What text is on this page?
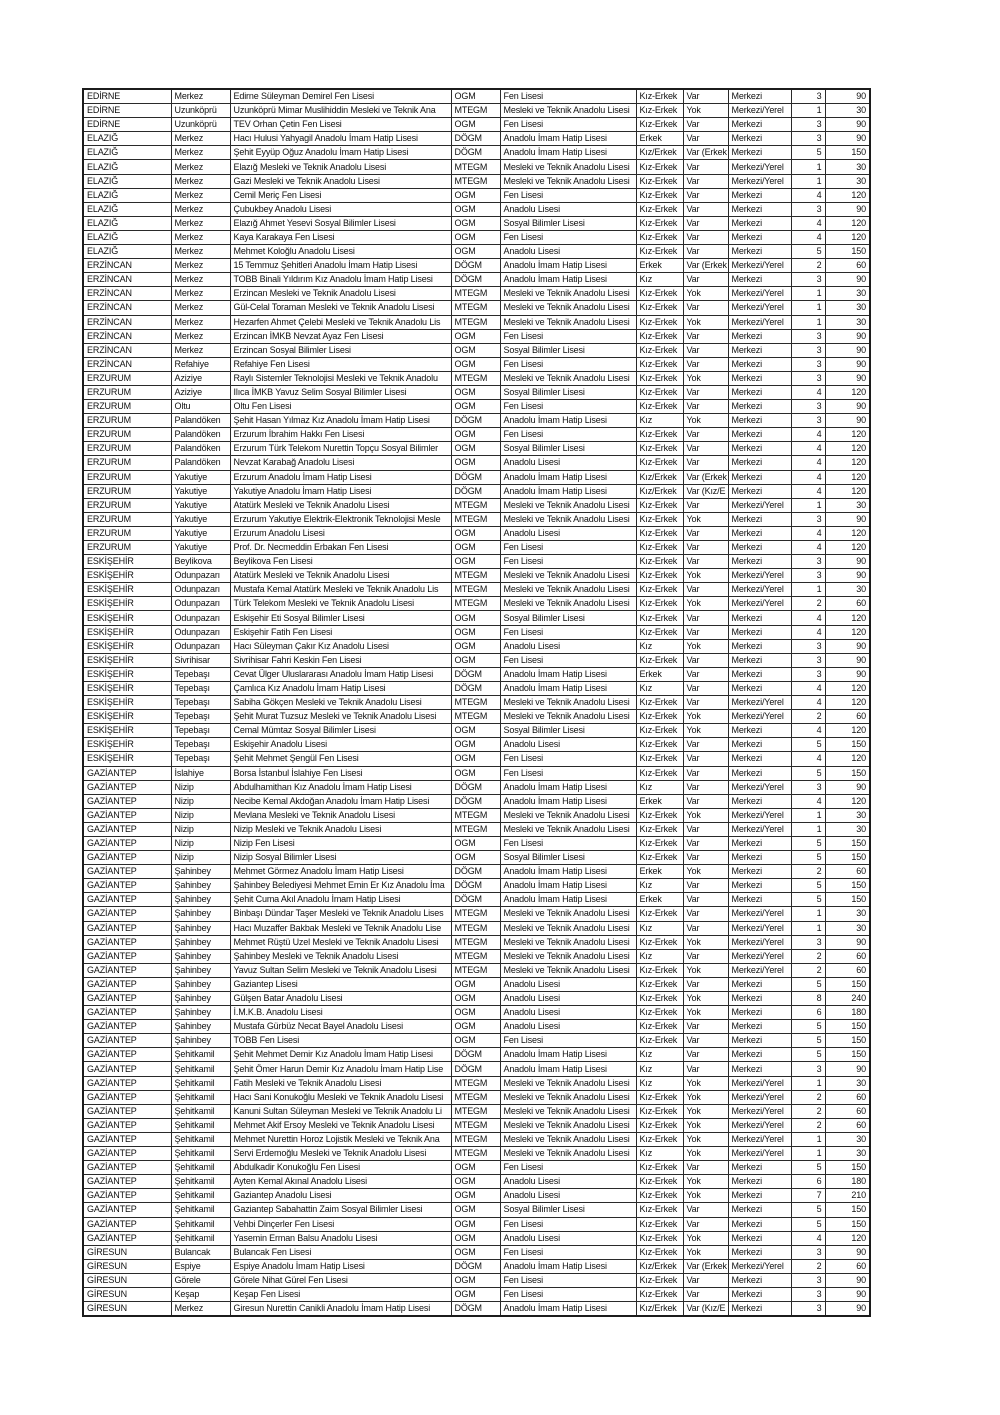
EDİRNE	Merkez	Edirne Süleyman Demirel Fen Lisesi	OGM	Fen Lisesi	Kız-Erkek	Var	Merkezi	3	90
EDİRNE	Uzunköprü	Uzunköprü Mimar Muslihiddin Mesleki ve Teknik Ana	MTEGM	Mesleki ve Teknik Anadolu Lisesi	Kız-Erkek	Yok	Merkezi/Yerel	1	30
EDİRNE	Uzunköprü	TEV Orhan Çetin Fen Lisesi	OGM	Fen Lisesi	Kız-Erkek	Var	Merkezi	3	90
ELAZIĞ	Merkez	Hacı Hulusi Yahyagil Anadolu İmam Hatip Lisesi	DÖGM	Anadolu İmam Hatip Lisesi	Erkek	Var	Merkezi	3	90
ELAZIĞ	Merkez	Şehit Eyyüp Oğuz Anadolu İmam Hatip Lisesi	DÖGM	Anadolu İmam Hatip Lisesi	Kız/Erkek	Var (Erkek	Merkezi	5	150
ELAZIĞ	Merkez	Elazığ Mesleki ve Teknik Anadolu Lisesi	MTEGM	Mesleki ve Teknik Anadolu Lisesi	Kız-Erkek	Var	Merkezi/Yerel	1	30
ELAZIĞ	Merkez	Gazi Mesleki ve Teknik Anadolu Lisesi	MTEGM	Mesleki ve Teknik Anadolu Lisesi	Kız-Erkek	Var	Merkezi/Yerel	1	30
ELAZIĞ	Merkez	Cemil Meriç Fen Lisesi	OGM	Fen Lisesi	Kız-Erkek	Var	Merkezi	4	120
ELAZIĞ	Merkez	Çubukbey Anadolu Lisesi	OGM	Anadolu Lisesi	Kız-Erkek	Var	Merkezi	3	90
ELAZIĞ	Merkez	Elazığ Ahmet Yesevi Sosyal Bilimler Lisesi	OGM	Sosyal Bilimler Lisesi	Kız-Erkek	Var	Merkezi	4	120
ELAZIĞ	Merkez	Kaya Karakaya Fen Lisesi	OGM	Fen Lisesi	Kız-Erkek	Var	Merkezi	4	120
ELAZIĞ	Merkez	Mehmet Koloğlu Anadolu Lisesi	OGM	Anadolu Lisesi	Kız-Erkek	Var	Merkezi	5	150
ERZİNCAN	Merkez	15 Temmuz Şehitleri Anadolu İmam Hatip Lisesi	DÖGM	Anadolu İmam Hatip Lisesi	Erkek	Var (Erkek	Merkezi/Yerel	2	60
ERZİNCAN	Merkez	TOBB Binali Yıldırım Kız Anadolu İmam Hatip Lisesi	DÖGM	Anadolu İmam Hatip Lisesi	Kız	Var	Merkezi	3	90
ERZİNCAN	Merkez	Erzincan Mesleki ve Teknik Anadolu Lisesi	MTEGM	Mesleki ve Teknik Anadolu Lisesi	Kız-Erkek	Yok	Merkezi/Yerel	1	30
ERZİNCAN	Merkez	Gül-Celal Toraman Mesleki ve Teknik Anadolu Lisesi	MTEGM	Mesleki ve Teknik Anadolu Lisesi	Kız-Erkek	Var	Merkezi/Yerel	1	30
ERZİNCAN	Merkez	Hezarfen Ahmet Çelebi Mesleki ve Teknik Anadolu Lis	MTEGM	Mesleki ve Teknik Anadolu Lisesi	Kız-Erkek	Yok	Merkezi/Yerel	1	30
ERZİNCAN	Merkez	Erzincan İMKB Nevzat Ayaz Fen Lisesi	OGM	Fen Lisesi	Kız-Erkek	Var	Merkezi	3	90
ERZİNCAN	Merkez	Erzincan Sosyal Bilimler Lisesi	OGM	Sosyal Bilimler Lisesi	Kız-Erkek	Var	Merkezi	3	90
ERZİNCAN	Refahiye	Refahiye Fen Lisesi	OGM	Fen Lisesi	Kız-Erkek	Var	Merkezi	3	90
ERZURUM	Aziziye	Raylı Sistemler Teknolojisi Mesleki ve Teknik Anadolu	MTEGM	Mesleki ve Teknik Anadolu Lisesi	Kız-Erkek	Yok	Merkezi	3	90
ERZURUM	Aziziye	Ilıca İMKB Yavuz Selim Sosyal Bilimler Lisesi	OGM	Sosyal Bilimler Lisesi	Kız-Erkek	Var	Merkezi	4	120
ERZURUM	Oltu	Oltu Fen Lisesi	OGM	Fen Lisesi	Kız-Erkek	Var	Merkezi	3	90
ERZURUM	Palandöken	Şehit Hasan Yılmaz Kız Anadolu İmam Hatip Lisesi	DÖGM	Anadolu İmam Hatip Lisesi	Kız	Yok	Merkezi	3	90
ERZURUM	Palandöken	Erzurum İbrahim Hakkı Fen Lisesi	OGM	Fen Lisesi	Kız-Erkek	Var	Merkezi	4	120
ERZURUM	Palandöken	Erzurum Türk Telekom Nurettin Topçu Sosyal Bilimler	OGM	Sosyal Bilimler Lisesi	Kız-Erkek	Var	Merkezi	4	120
ERZURUM	Palandöken	Nevzat Karabağ Anadolu Lisesi	OGM	Anadolu Lisesi	Kız-Erkek	Var	Merkezi	4	120
ERZURUM	Yakutiye	Erzurum Anadolu İmam Hatip Lisesi	DÖGM	Anadolu İmam Hatip Lisesi	Kız/Erkek	Var (Erkek	Merkezi	4	120
ERZURUM	Yakutiye	Yakutiye Anadolu İmam Hatip Lisesi	DÖGM	Anadolu İmam Hatip Lisesi	Kız/Erkek	Var (Kız/E	Merkezi	4	120
ERZURUM	Yakutiye	Atatürk Mesleki ve Teknik Anadolu Lisesi	MTEGM	Mesleki ve Teknik Anadolu Lisesi	Kız-Erkek	Var	Merkezi/Yerel	1	30
ERZURUM	Yakutiye	Erzurum Yakutiye Elektrik-Elektronik Teknolojisi Mesle	MTEGM	Mesleki ve Teknik Anadolu Lisesi	Kız-Erkek	Yok	Merkezi	3	90
ERZURUM	Yakutiye	Erzurum Anadolu Lisesi	OGM	Anadolu Lisesi	Kız-Erkek	Var	Merkezi	4	120
ERZURUM	Yakutiye	Prof. Dr. Necmeddin Erbakan Fen Lisesi	OGM	Fen Lisesi	Kız-Erkek	Var	Merkezi	4	120
ESKİŞEHİR	Beylikova	Beylikova Fen Lisesi	OGM	Fen Lisesi	Kız-Erkek	Var	Merkezi	3	90
ESKİŞEHİR	Odunpazarı	Atatürk Mesleki ve Teknik Anadolu Lisesi	MTEGM	Mesleki ve Teknik Anadolu Lisesi	Kız-Erkek	Yok	Merkezi/Yerel	3	90
ESKİŞEHİR	Odunpazarı	Mustafa Kemal Atatürk Mesleki ve Teknik Anadolu Lis	MTEGM	Mesleki ve Teknik Anadolu Lisesi	Kız-Erkek	Var	Merkezi/Yerel	1	30
ESKİŞEHİR	Odunpazarı	Türk Telekom Mesleki ve Teknik Anadolu Lisesi	MTEGM	Mesleki ve Teknik Anadolu Lisesi	Kız-Erkek	Yok	Merkezi/Yerel	2	60
ESKİŞEHİR	Odunpazarı	Eskişehir Eti Sosyal Bilimler Lisesi	OGM	Sosyal Bilimler Lisesi	Kız-Erkek	Var	Merkezi	4	120
ESKİŞEHİR	Odunpazarı	Eskişehir Fatih Fen Lisesi	OGM	Fen Lisesi	Kız-Erkek	Var	Merkezi	4	120
ESKİŞEHİR	Odunpazarı	Hacı Süleyman Çakır Kız Anadolu Lisesi	OGM	Anadolu Lisesi	Kız	Yok	Merkezi	3	90
ESKİŞEHİR	Sivrihisar	Sivrihisar Fahri Keskin Fen Lisesi	OGM	Fen Lisesi	Kız-Erkek	Var	Merkezi	3	90
ESKİŞEHİR	Tepebaşı	Cevat Ülger Uluslararası Anadolu İmam Hatip Lisesi	DÖGM	Anadolu İmam Hatip Lisesi	Erkek	Var	Merkezi	3	90
ESKİŞEHİR	Tepebaşı	Çamlıca Kız Anadolu İmam Hatip Lisesi	DÖGM	Anadolu İmam Hatip Lisesi	Kız	Var	Merkezi	4	120
ESKİŞEHİR	Tepebaşı	Sabiha Gökçen Mesleki ve Teknik Anadolu Lisesi	MTEGM	Mesleki ve Teknik Anadolu Lisesi	Kız-Erkek	Var	Merkezi/Yerel	4	120
ESKİŞEHİR	Tepebaşı	Şehit Murat Tuzsuz Mesleki ve Teknik Anadolu Lisesi	MTEGM	Mesleki ve Teknik Anadolu Lisesi	Kız-Erkek	Yok	Merkezi/Yerel	2	60
ESKİŞEHİR	Tepebaşı	Cemal Mümtaz Sosyal Bilimler Lisesi	OGM	Sosyal Bilimler Lisesi	Kız-Erkek	Yok	Merkezi	4	120
ESKİŞEHİR	Tepebaşı	Eskişehir Anadolu Lisesi	OGM	Anadolu Lisesi	Kız-Erkek	Var	Merkezi	5	150
ESKİŞEHİR	Tepebaşı	Şehit Mehmet Şengül Fen Lisesi	OGM	Fen Lisesi	Kız-Erkek	Var	Merkezi	4	120
GAZİANTEP	İslahiye	Borsa İstanbul İslahiye Fen Lisesi	OGM	Fen Lisesi	Kız-Erkek	Var	Merkezi	5	150
GAZİANTEP	Nizip	Abdulhamithan Kız Anadolu İmam Hatip Lisesi	DÖGM	Anadolu İmam Hatip Lisesi	Kız	Var	Merkezi/Yerel	3	90
GAZİANTEP	Nizip	Necibe Kemal Akdoğan Anadolu İmam Hatip Lisesi	DÖGM	Anadolu İmam Hatip Lisesi	Erkek	Var	Merkezi	4	120
GAZİANTEP	Nizip	Mevlana Mesleki ve Teknik Anadolu Lisesi	MTEGM	Mesleki ve Teknik Anadolu Lisesi	Kız-Erkek	Yok	Merkezi/Yerel	1	30
GAZİANTEP	Nizip	Nizip Mesleki ve Teknik Anadolu Lisesi	MTEGM	Mesleki ve Teknik Anadolu Lisesi	Kız-Erkek	Var	Merkezi/Yerel	1	30
GAZİANTEP	Nizip	Nizip Fen Lisesi	OGM	Fen Lisesi	Kız-Erkek	Var	Merkezi	5	150
GAZİANTEP	Nizip	Nizip Sosyal Bilimler Lisesi	OGM	Sosyal Bilimler Lisesi	Kız-Erkek	Var	Merkezi	5	150
GAZİANTEP	Şahinbey	Mehmet Görmez Anadolu İmam Hatip Lisesi	DÖGM	Anadolu İmam Hatip Lisesi	Erkek	Yok	Merkezi	2	60
GAZİANTEP	Şahinbey	Şahinbey Belediyesi Mehmet Emin Er Kız Anadolu İma	DÖGM	Anadolu İmam Hatip Lisesi	Kız	Var	Merkezi	5	150
GAZİANTEP	Şahinbey	Şehit Cuma Akıl Anadolu İmam Hatip Lisesi	DÖGM	Anadolu İmam Hatip Lisesi	Erkek	Var	Merkezi	5	150
GAZİANTEP	Şahinbey	Binbaşı Dündar Taşer Mesleki ve Teknik Anadolu Lises	MTEGM	Mesleki ve Teknik Anadolu Lisesi	Kız-Erkek	Var	Merkezi/Yerel	1	30
GAZİANTEP	Şahinbey	Hacı Muzaffer Bakbak Mesleki ve Teknik Anadolu Lise	MTEGM	Mesleki ve Teknik Anadolu Lisesi	Kız	Var	Merkezi/Yerel	1	30
GAZİANTEP	Şahinbey	Mehmet Rüştü Uzel Mesleki ve Teknik Anadolu Lisesi	MTEGM	Mesleki ve Teknik Anadolu Lisesi	Kız-Erkek	Yok	Merkezi/Yerel	3	90
GAZİANTEP	Şahinbey	Şahinbey Mesleki ve Teknik Anadolu Lisesi	MTEGM	Mesleki ve Teknik Anadolu Lisesi	Kız	Var	Merkezi/Yerel	2	60
GAZİANTEP	Şahinbey	Yavuz Sultan Selim Mesleki ve Teknik Anadolu Lisesi	MTEGM	Mesleki ve Teknik Anadolu Lisesi	Kız-Erkek	Yok	Merkezi/Yerel	2	60
GAZİANTEP	Şahinbey	Gaziantep Lisesi	OGM	Anadolu Lisesi	Kız-Erkek	Var	Merkezi	5	150
GAZİANTEP	Şahinbey	Gülşen Batar Anadolu Lisesi	OGM	Anadolu Lisesi	Kız-Erkek	Yok	Merkezi	8	240
GAZİANTEP	Şahinbey	İ.M.K.B. Anadolu Lisesi	OGM	Anadolu Lisesi	Kız-Erkek	Yok	Merkezi	6	180
GAZİANTEP	Şahinbey	Mustafa Gürbüz Necat Bayel Anadolu Lisesi	OGM	Anadolu Lisesi	Kız-Erkek	Var	Merkezi	5	150
GAZİANTEP	Şahinbey	TOBB Fen Lisesi	OGM	Fen Lisesi	Kız-Erkek	Var	Merkezi	5	150
GAZİANTEP	Şehitkamil	Şehit Mehmet Demir Kız Anadolu İmam Hatip Lisesi	DÖGM	Anadolu İmam Hatip Lisesi	Kız	Var	Merkezi	5	150
GAZİANTEP	Şehitkamil	Şehit Ömer Harun Demir Kız Anadolu İmam Hatip Lise	DÖGM	Anadolu İmam Hatip Lisesi	Kız	Var	Merkezi	3	90
GAZİANTEP	Şehitkamil	Fatih Mesleki ve Teknik Anadolu Lisesi	MTEGM	Mesleki ve Teknik Anadolu Lisesi	Kız	Yok	Merkezi/Yerel	1	30
GAZİANTEP	Şehitkamil	Hacı Sani Konukoğlu Mesleki ve Teknik Anadolu Lisesi	MTEGM	Mesleki ve Teknik Anadolu Lisesi	Kız-Erkek	Yok	Merkezi/Yerel	2	60
GAZİANTEP	Şehitkamil	Kanuni Sultan Süleyman Mesleki ve Teknik Anadolu Li	MTEGM	Mesleki ve Teknik Anadolu Lisesi	Kız-Erkek	Yok	Merkezi/Yerel	2	60
GAZİANTEP	Şehitkamil	Mehmet Akif Ersoy Mesleki ve Teknik Anadolu Lisesi	MTEGM	Mesleki ve Teknik Anadolu Lisesi	Kız-Erkek	Yok	Merkezi/Yerel	2	60
GAZİANTEP	Şehitkamil	Mehmet Nurettin Horoz Lojistik Mesleki ve Teknik Ana	MTEGM	Mesleki ve Teknik Anadolu Lisesi	Kız-Erkek	Yok	Merkezi/Yerel	1	30
GAZİANTEP	Şehitkamil	Servi Erdemoğlu Mesleki ve Teknik Anadolu Lisesi	MTEGM	Mesleki ve Teknik Anadolu Lisesi	Kız	Yok	Merkezi/Yerel	1	30
GAZİANTEP	Şehitkamil	Abdulkadir Konukoğlu Fen Lisesi	OGM	Fen Lisesi	Kız-Erkek	Var	Merkezi	5	150
GAZİANTEP	Şehitkamil	Ayten Kemal Akınal Anadolu Lisesi	OGM	Anadolu Lisesi	Kız-Erkek	Yok	Merkezi	6	180
GAZİANTEP	Şehitkamil	Gaziantep Anadolu Lisesi	OGM	Anadolu Lisesi	Kız-Erkek	Yok	Merkezi	7	210
GAZİANTEP	Şehitkamil	Gaziantep Sabahattin Zaim Sosyal Bilimler Lisesi	OGM	Sosyal Bilimler Lisesi	Kız-Erkek	Var	Merkezi	5	150
GAZİANTEP	Şehitkamil	Vehbi Dinçerler Fen Lisesi	OGM	Fen Lisesi	Kız-Erkek	Var	Merkezi	5	150
GAZİANTEP	Şehitkamil	Yasemin Erman Balsu Anadolu Lisesi	OGM	Anadolu Lisesi	Kız-Erkek	Yok	Merkezi	4	120
GİRESUN	Bulancak	Bulancak Fen Lisesi	OGM	Fen Lisesi	Kız-Erkek	Yok	Merkezi	3	90
GİRESUN	Espiye	Espiye Anadolu İmam Hatip Lisesi	DÖGM	Anadolu İmam Hatip Lisesi	Kız/Erkek	Var (Erkek	Merkezi/Yerel	2	60
GİRESUN	Görele	Görele Nihat Gürel Fen Lisesi	OGM	Fen Lisesi	Kız-Erkek	Var	Merkezi	3	90
GİRESUN	Keşap	Keşap Fen Lisesi	OGM	Fen Lisesi	Kız-Erkek	Var	Merkezi	3	90
GİRESUN	Merkez	Giresun Nurettin Canikli Anadolu İmam Hatip Lisesi	DÖGM	Anadolu İmam Hatip Lisesi	Kız/Erkek	Var (Kız/E	Merkezi	3	90
